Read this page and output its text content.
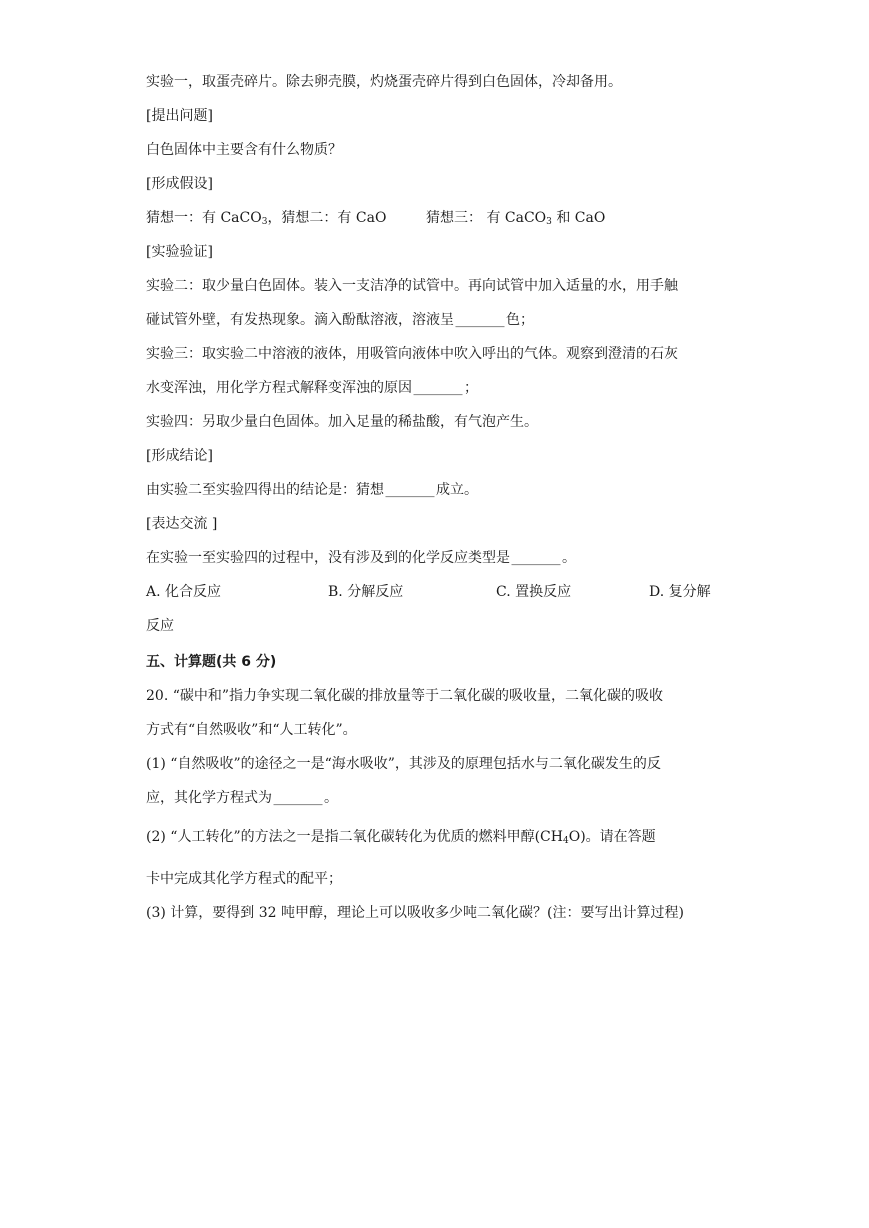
实验一，取蛋壳碎片。除去卵壳膜，灼烧蛋壳碎片得到白色固体，冷却备用。
[提出问题]
白色固体中主要含有什么物质？
[形成假设]
猜想一：有 CaCO$_3$，猜想二：有 CaO	猜想三： 有 CaCO$_3$ 和 CaO
[实验验证]
实验二：取少量白色固体。装入一支洁净的试管中。再向试管中加入适量的水，用手触
碰试管外壁，有发热现象。滴入酚酞溶液，溶液呈 _______ 色；
实验三：取实验二中溶液的液体，用吸管向液体中吹入呼出的气体。观察到澄清的石灰
水变浑浊，用化学方程式解释变浑浊的原因 _______ ；
实验四：另取少量白色固体。加入足量的稀盐酸，有气泡产生。
[形成结论]
由实验二至实验四得出的结论是：猜想 _______ 成立。
[表达交流 ]
在实验一至实验四的过程中，没有涉及到的化学反应类型是 _______ 。
A. 化合反应	B. 分解反应	C. 置换反应	D. 复分解
反应
五、计算题(共 6 分)
20. “碳中和”指力争实现二氧化碳的排放量等于二氧化碳的吸收量，二氧化碳的吸收
方式有“自然吸收”和“人工转化”。
(1) “自然吸收”的途径之一是“海水吸收”，其涉及的原理包括水与二氧化碳发生的反
应，其化学方程式为 _______ 。
(2) “人工转化”的方法之一是指二氧化碳转化为优质的燃料甲醇$(CH_4O)$。请在答题
卡中完成其化学方程式的配平；
(3) 计算，要得到 32 吨甲醇，理论上可以吸收多少吨二氧化碳？(注：要写出计算过程)
